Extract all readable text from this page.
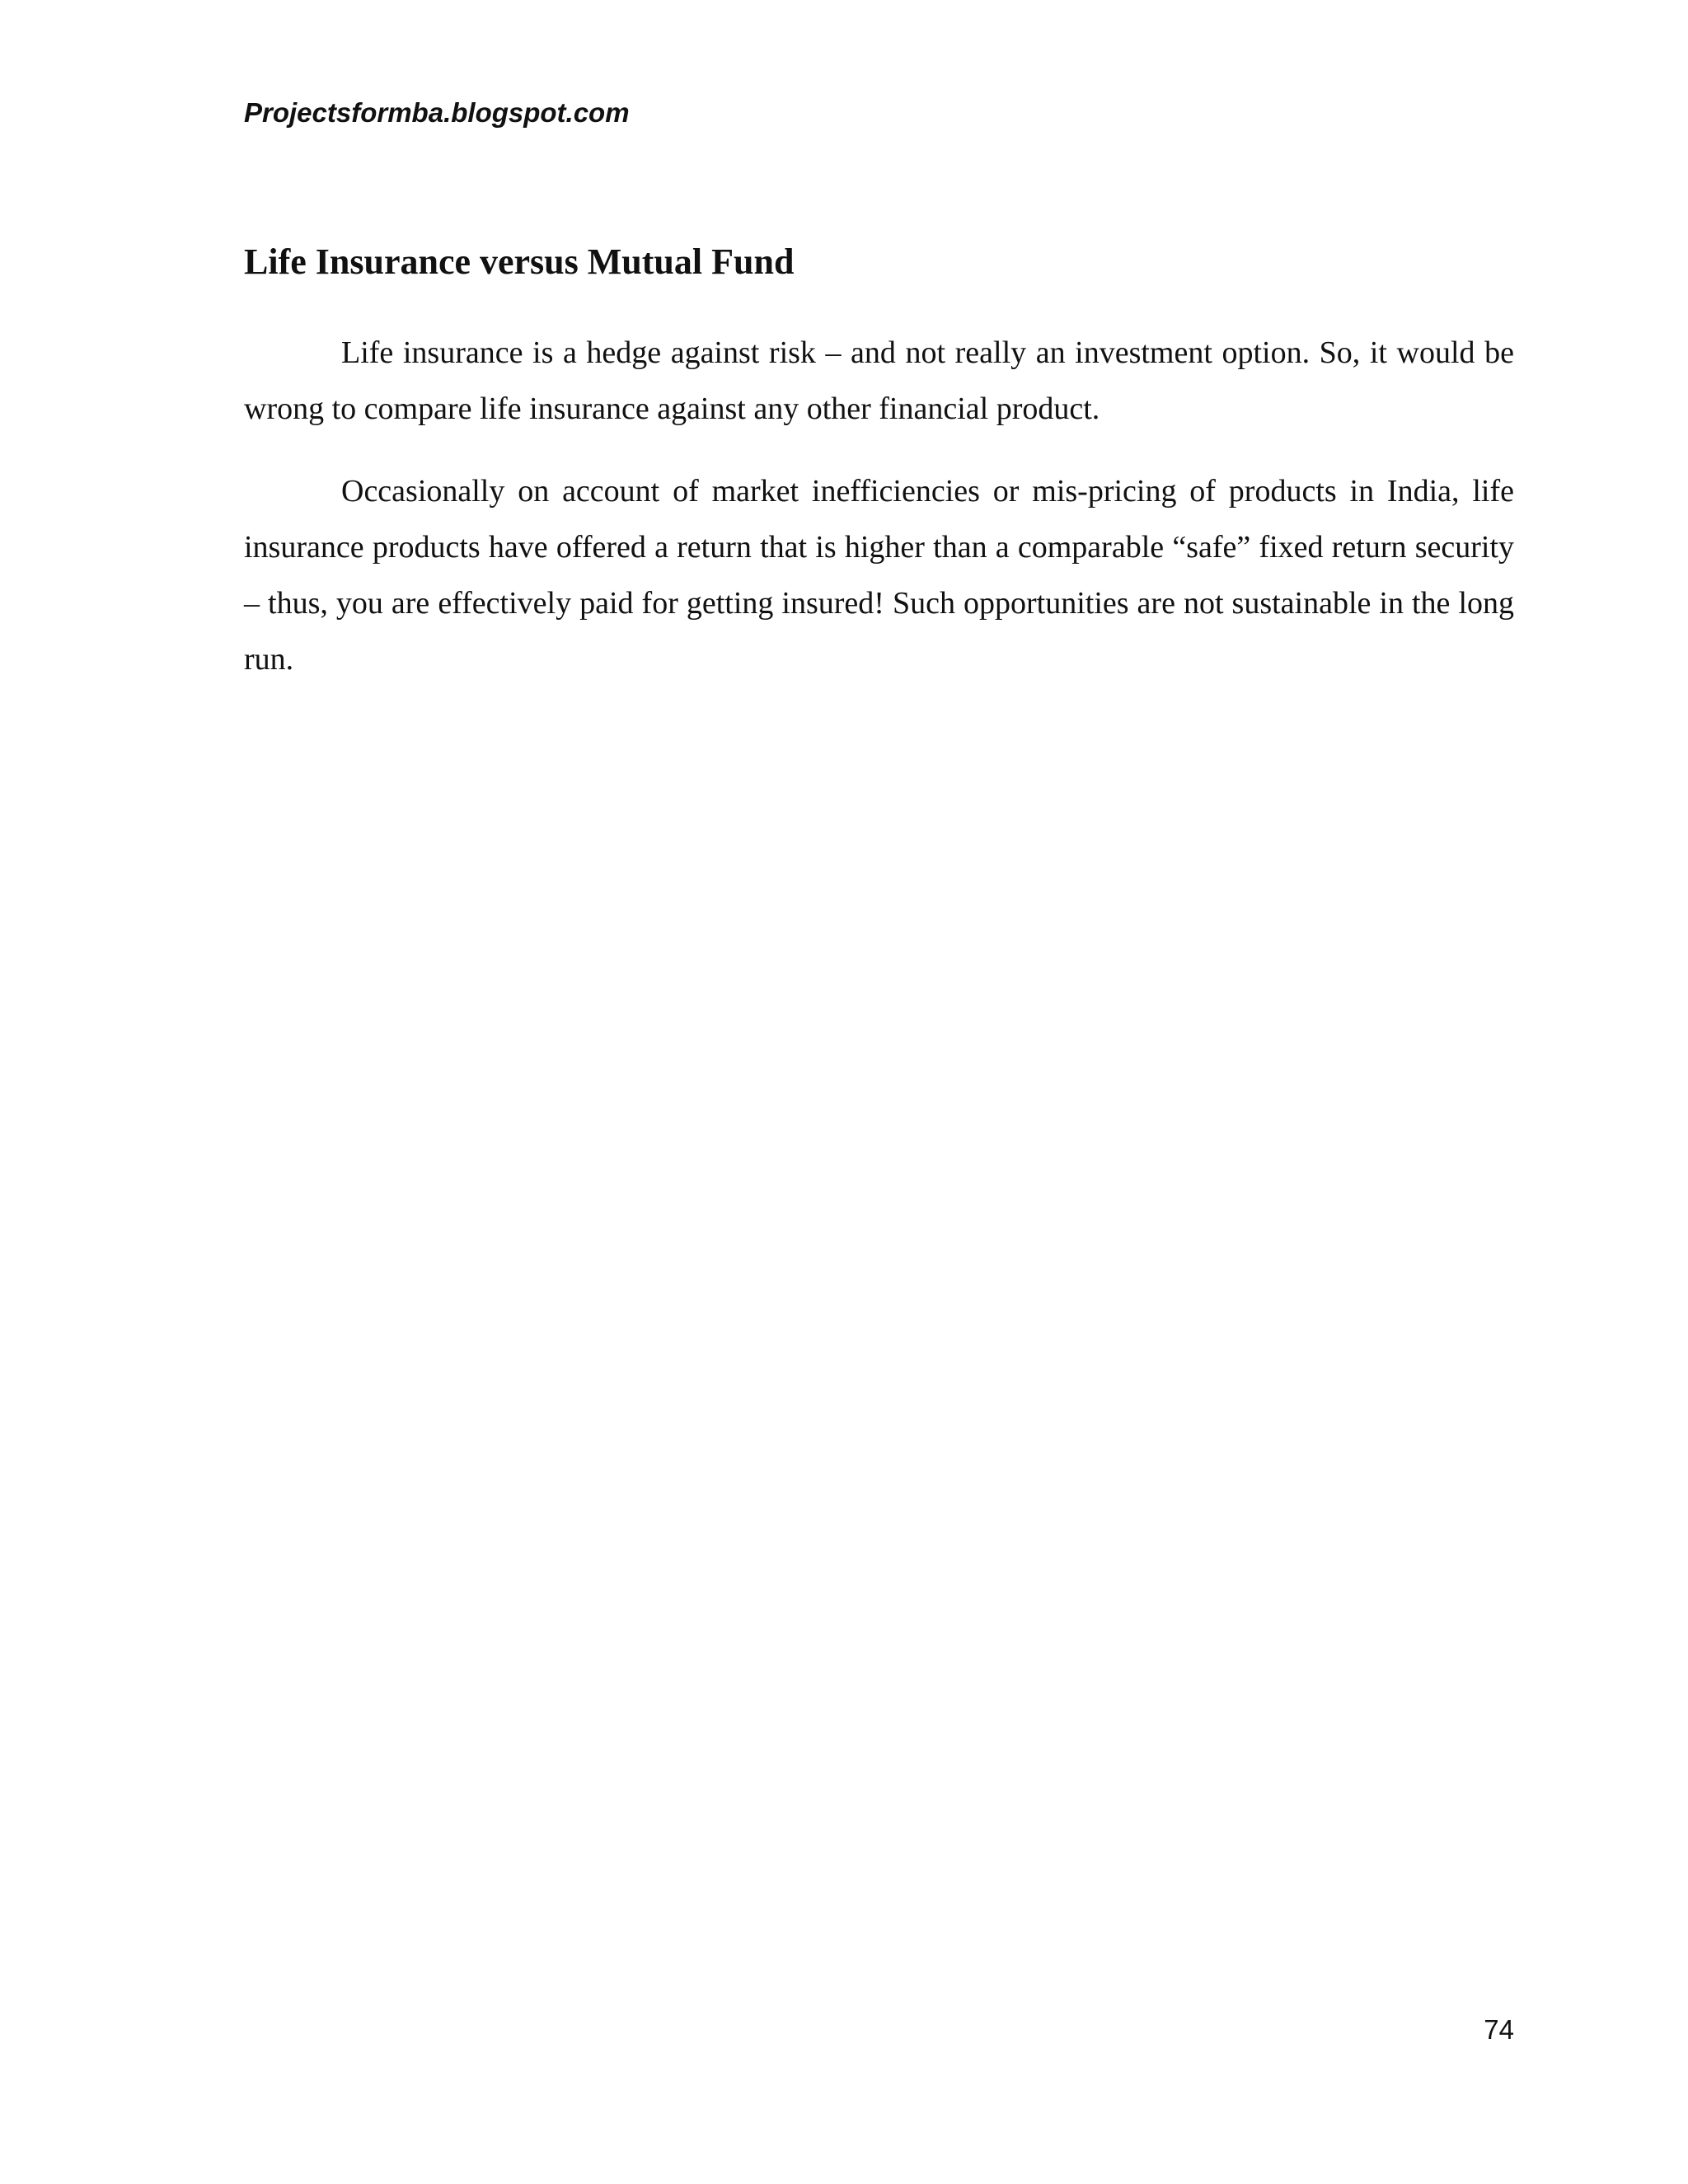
Projectsformba.blogspot.com

Life Insurance versus Mutual Fund

Life insurance is a hedge against risk – and not really an investment option. So, it would be wrong to compare life insurance against any other financial product.

Occasionally on account of market inefficiencies or mis-pricing of products in India, life insurance products have offered a return that is higher than a comparable “safe” fixed return security – thus, you are effectively paid for getting insured! Such opportunities are not sustainable in the long run.

74
